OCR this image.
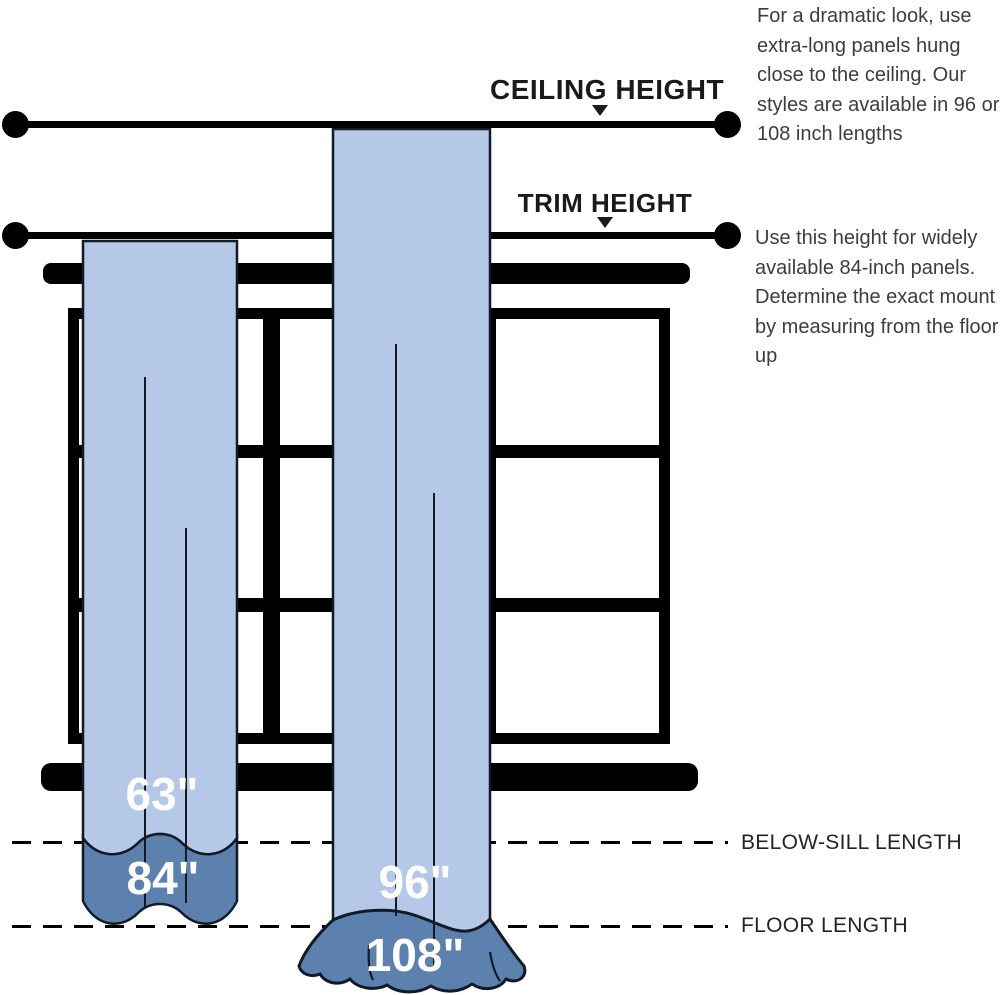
CEILING HEIGHT
TRIM HEIGHT
63"
84"	96"
108"
For a dramatic look, use extra-long panels hung close to the ceiling. Our styles are available in 96 or 108 inch lengths
Use this height for widely available 84-inch panels. Determine the exact mount by measuring from the floor up
BELOW-SILL LENGTH
FLOOR LENGTH
